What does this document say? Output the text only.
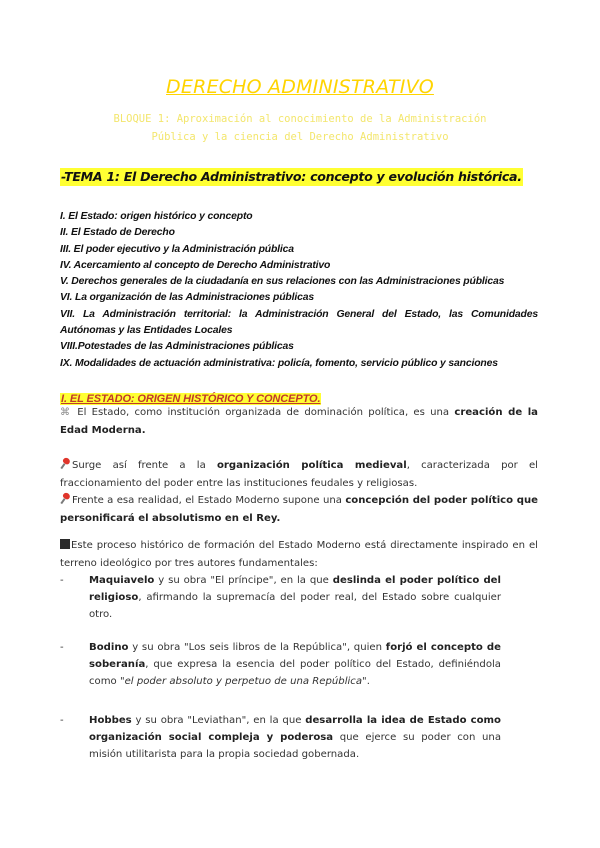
DERECHO ADMINISTRATIVO
BLOQUE 1: Aproximación al conocimiento de la Administración Pública y la ciencia del Derecho Administrativo
-TEMA 1: El Derecho Administrativo: concepto y evolución histórica.
I. El Estado: origen histórico y concepto
II. El Estado de Derecho
III. El poder ejecutivo y la Administración pública
IV. Acercamiento al concepto de Derecho Administrativo
V. Derechos generales de la ciudadanía en sus relaciones con las Administraciones públicas
VI. La organización de las Administraciones públicas
VII. La Administración territorial: la Administración General del Estado, las Comunidades Autónomas y las Entidades Locales
VIII.Potestades de las Administraciones públicas
IX. Modalidades de actuación administrativa: policía, fomento, servicio público y sanciones
I. EL ESTADO: ORIGEN HISTÓRICO Y CONCEPTO.
⌘ El Estado, como institución organizada de dominación política, es una creación de la Edad Moderna.
Surge así frente a la organización política medieval, caracterizada por el fraccionamiento del poder entre las instituciones feudales y religiosas.
Frente a esa realidad, el Estado Moderno supone una concepción del poder político que personificará el absolutismo en el Rey.
Este proceso histórico de formación del Estado Moderno está directamente inspirado en el terreno ideológico por tres autores fundamentales:
- Maquiavelo y su obra "El príncipe", en la que deslinda el poder político del religioso, afirmando la supremacía del poder real, del Estado sobre cualquier otro.
- Bodino y su obra "Los seis libros de la República", quien forjó el concepto de soberanía, que expresa la esencia del poder político del Estado, definiéndola como "el poder absoluto y perpetuo de una República".
- Hobbes y su obra "Leviathan", en la que desarrolla la idea de Estado como organización social compleja y poderosa que ejerce su poder con una misión utilitarista para la propia sociedad gobernada.
